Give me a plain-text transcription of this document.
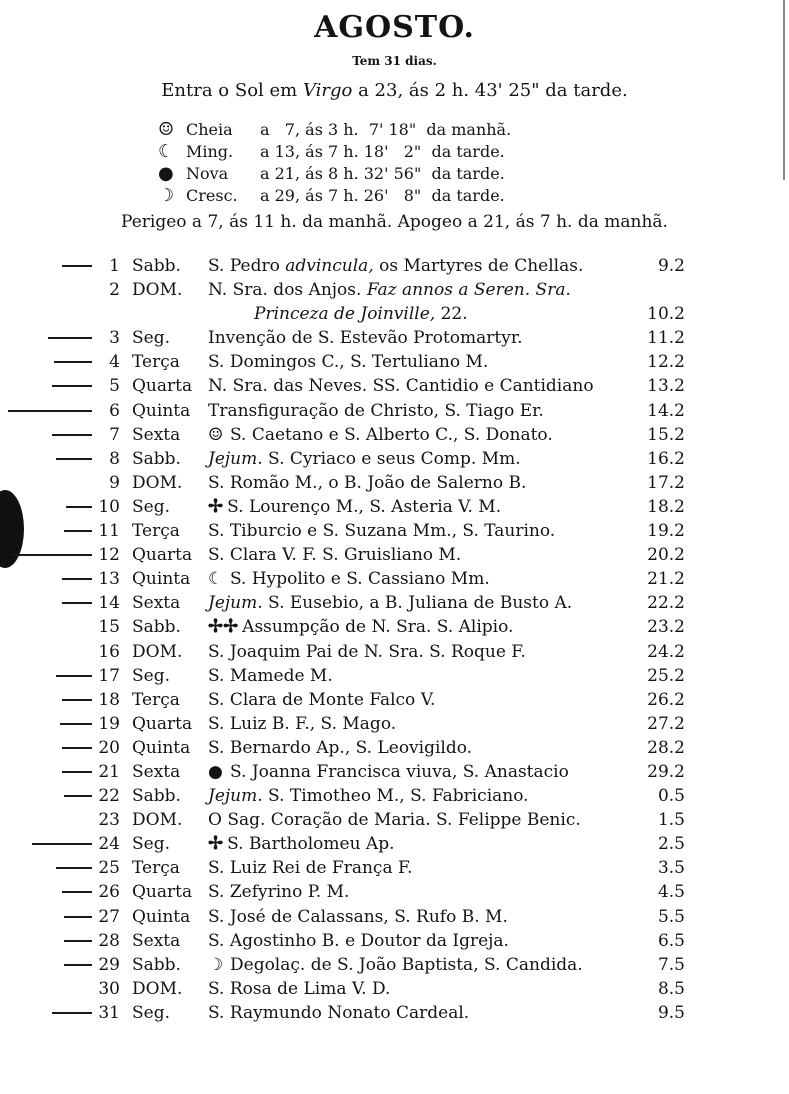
AGOSTO.
Tem 31 dias.
Entra o Sol em Virgo a 23, ás 2 h. 43' 25" da tarde.
☺ Cheia	a   7, ás 3 h.  7' 18"  da manhã.
☾ Ming.	a 13, ás 7 h. 18'   2"  da tarde.
● Nova	a 21, ás 8 h. 32' 56"  da tarde.
☽ Cresc.	a 29, ás 7 h. 26'   8"  da tarde.
Perigeo a 7, ás 11 h. da manhã. Apogeo a 21, ás 7 h. da manhã.
1 Sabb. S. Pedro advincula, os Martyres de Chellas.	9.2
2 DOM. N. Sra. dos Anjos. Faz annos a Seren. Sra.
Princeza de Joinville, 22.	10.2
3 Seg. Invenção de S. Estevão Protomartyr.	11.2
4 Terça S. Domingos C., S. Tertuliano M.	12.2
5 Quarta N. Sra. das Neves. SS. Cantidio e Cantidiano	13.2
6 Quinta Transfiguração de Christo, S. Tiago Er.	14.2
7 Sexta ☺ S. Caetano e S. Alberto C., S. Donato.	15.2
8 Sabb. Jejum. S. Cyriaco e seus Comp. Mm.	16.2
9 DOM. S. Romão M., o B. João de Salerno B.	17.2
10 Seg. ✢ S. Lourenço M., S. Asteria V. M.	18.2
11 Terça S. Tiburcio e S. Suzana Mm., S. Taurino.	19.2
12 Quarta S. Clara V. F. S. Gruisliano M.	20.2
13 Quinta ☾ S. Hypolito e S. Cassiano Mm.	21.2
14 Sexta Jejum. S. Eusebio, a B. Juliana de Busto A.	22.2
15 Sabb. ✢✢ Assumpção de N. Sra. S. Alipio.	23.2
16 DOM. S. Joaquim Pai de N. Sra. S. Roque F.	24.2
17 Seg. S. Mamede M.	25.2
18 Terça S. Clara de Monte Falco V.	26.2
19 Quarta S. Luiz B. F., S. Mago.	27.2
20 Quinta S. Bernardo Ap., S. Leovigildo.	28.2
21 Sexta ● S. Joanna Francisca viuva, S. Anastacio	29.2
22 Sabb. Jejum. S. Timotheo M., S. Fabriciano.	0.5
23 DOM. O Sag. Coração de Maria. S. Felippe Benic.	1.5
24 Seg. ✢ S. Bartholomeu Ap.	2.5
25 Terça S. Luiz Rei de França F.	3.5
26 Quarta S. Zefyrino P. M.	4.5
27 Quinta S. José de Calassans, S. Rufo B. M.	5.5
28 Sexta S. Agostinho B. e Doutor da Igreja.	6.5
29 Sabb. ☽ Degolaç. de S. João Baptista, S. Candida.	7.5
30 DOM. S. Rosa de Lima V. D.	8.5
31 Seg. S. Raymundo Nonato Cardeal.	9.5
